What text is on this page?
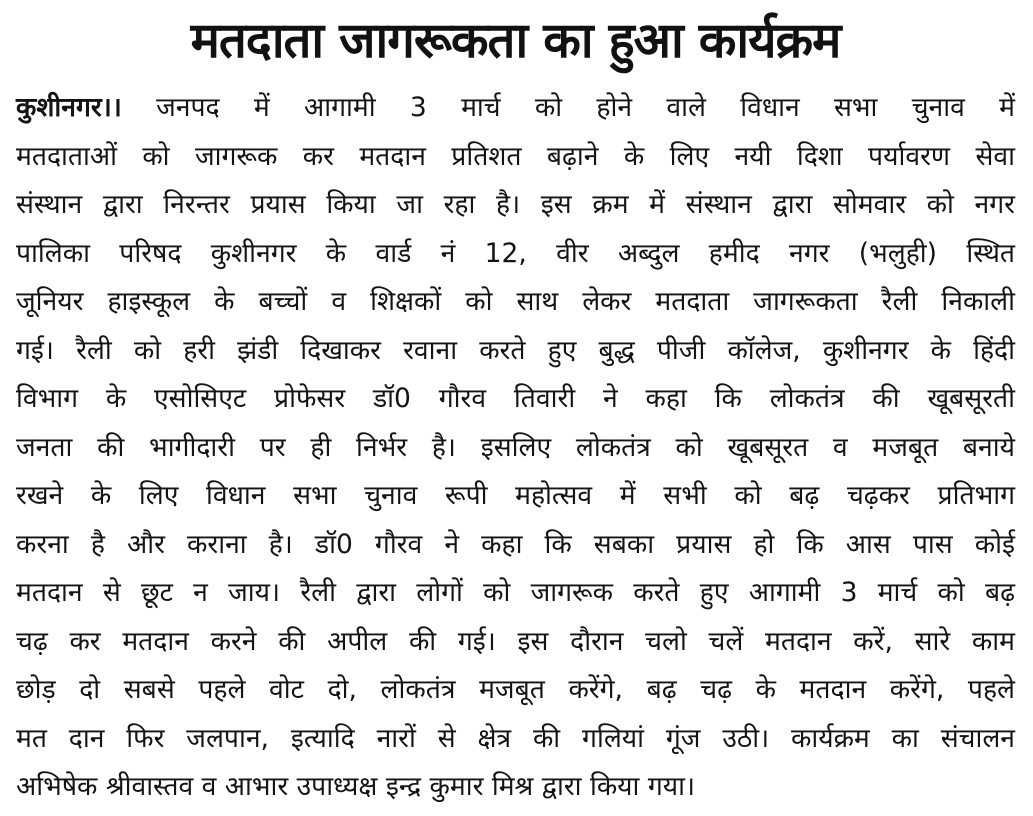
मतदाता जागरूकता का हुआ कार्यक्रम
कुशीनगर।। जनपद में आगामी 3 मार्च को होने वाले विधान सभा चुनाव में
मतदाताओं को जागरूक कर मतदान प्रतिशत बढ़ाने के लिए नयी दिशा पर्यावरण सेवा
संस्थान द्वारा निरन्तर प्रयास किया जा रहा है। इस क्रम में संस्थान द्वारा सोमवार को नगर
पालिका परिषद कुशीनगर के वार्ड नं 12, वीर अब्दुल हमीद नगर (भलुही) स्थित
जूनियर हाइस्कूल के बच्चों व शिक्षकों को साथ लेकर मतदाता जागरूकता रैली निकाली
गई। रैली को हरी झंडी दिखाकर रवाना करते हुए बुद्ध पीजी कॉलेज, कुशीनगर के हिंदी
विभाग के एसोसिएट प्रोफेसर डॉ0 गौरव तिवारी ने कहा कि लोकतंत्र की खूबसूरती
जनता की भागीदारी पर ही निर्भर है। इसलिए लोकतंत्र को खूबसूरत व मजबूत बनाये
रखने के लिए विधान सभा चुनाव रूपी महोत्सव में सभी को बढ़ चढ़कर प्रतिभाग
करना है और कराना है। डॉ0 गौरव ने कहा कि सबका प्रयास हो कि आस पास कोई
मतदान से छूट न जाय। रैली द्वारा लोगों को जागरूक करते हुए आगामी 3 मार्च को बढ़
चढ़ कर मतदान करने की अपील की गई। इस दौरान चलो चलें मतदान करें, सारे काम
छोड़ दो सबसे पहले वोट दो, लोकतंत्र मजबूत करेंगे, बढ़ चढ़ के मतदान करेंगे, पहले
मत दान फिर जलपान, इत्यादि नारों से क्षेत्र की गलियां गूंज उठी। कार्यक्रम का संचालन
अभिषेक श्रीवास्तव व आभार उपाध्यक्ष इन्द्र कुमार मिश्र द्वारा किया गया।
